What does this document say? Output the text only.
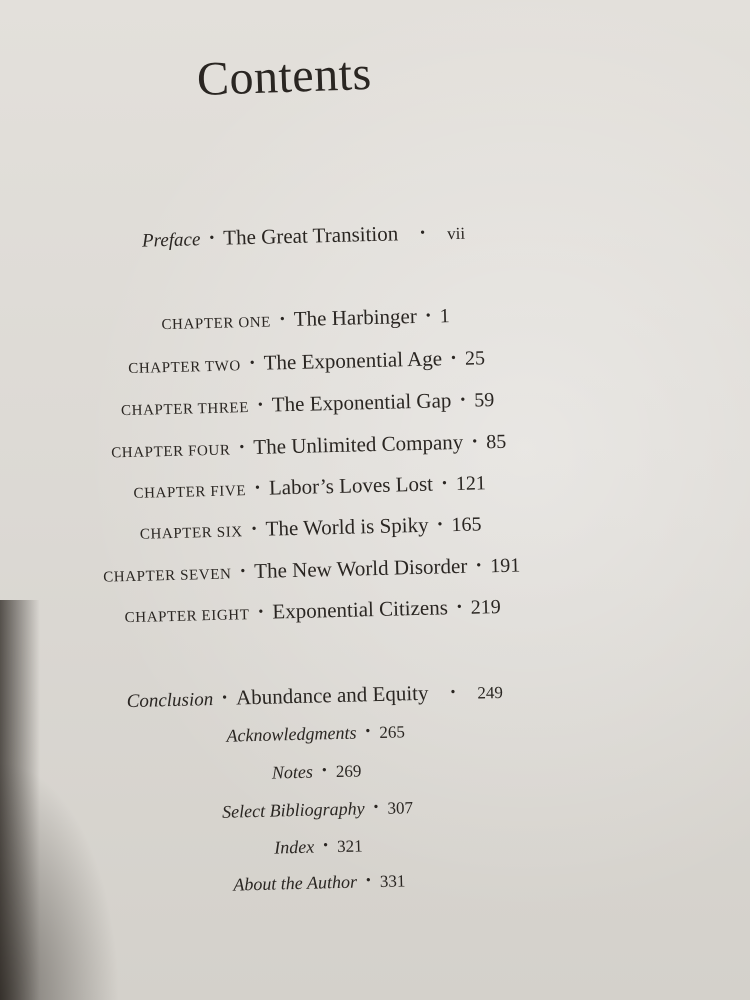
Contents
Preface • The Great Transition • vii
CHAPTER ONE • The Harbinger • 1
CHAPTER TWO • The Exponential Age • 25
CHAPTER THREE • The Exponential Gap • 59
CHAPTER FOUR • The Unlimited Company • 85
CHAPTER FIVE • Labor’s Loves Lost • 121
CHAPTER SIX • The World is Spiky • 165
CHAPTER SEVEN • The New World Disorder • 191
CHAPTER EIGHT • Exponential Citizens • 219
Conclusion • Abundance and Equity • 249
Acknowledgments • 265
Notes • 269
Select Bibliography • 307
Index • 321
About the Author • 331
